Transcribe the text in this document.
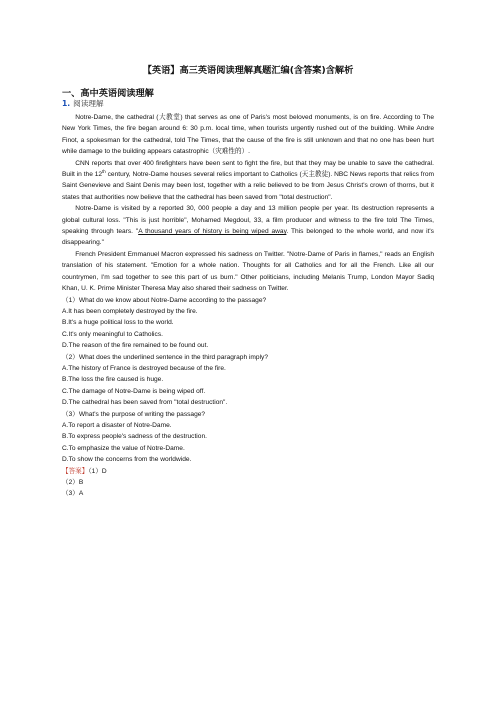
【英语】高三英语阅读理解真题汇编(含答案)含解析
一、高中英语阅读理解
1. 阅读理解

Notre-Dame, the cathedral (大教堂) that serves as one of Paris's most beloved monuments, is on fire. According to The New York Times, the fire began around 6: 30 p.m. local time, when tourists urgently rushed out of the building. While Andre Finot, a spokesman for the cathedral, told The Times, that the cause of the fire is still unknown and that no one has been hurt while damage to the building appears catastrophic（灾难性的）.

CNN reports that over 400 firefighters have been sent to fight the fire, but that they may be unable to save the cathedral. Built in the 12th century, Notre-Dame houses several relics important to Catholics (天主教徒). NBC News reports that relics from Saint Genevieve and Saint Denis may been lost, together with a relic believed to be from Jesus Christ's crown of thorns, but it states that authorities now believe that the cathedral has been saved from "total destruction".

Notre-Dame is visited by a reported 30, 000 people a day and 13 million people per year. Its destruction represents a global cultural loss. "This is just horrible", Mohamed Megdoul, 33, a film producer and witness to the fire told The Times, speaking through tears. "A thousand years of history is being wiped away. This belonged to the whole world, and now it's disappearing."

French President Emmanuel Macron expressed his sadness on Twitter. "Notre-Dame of Paris in flames," reads an English translation of his statement. "Emotion for a whole nation. Thoughts for all Catholics and for all the French. Like all our countrymen, I'm sad together to see this part of us burn." Other politicians, including Melanis Trump, London Mayor Sadiq Khan, U. K. Prime Minister Theresa May also shared their sadness on Twitter.

（1）What do we know about Notre-Dame according to the passage?
A.It has been completely destroyed by the fire.
B.It's a huge political loss to the world.
C.It's only meaningful to Catholics.
D.The reason of the fire remained to be found out.
（2）What does the underlined sentence in the third paragraph imply?
A.The history of France is destroyed because of the fire.
B.The loss the fire caused is huge.
C.The damage of Notre-Dame is being wiped off.
D.The cathedral has been saved from "total destruction".
（3）What's the purpose of writing the passage?
A.To report a disaster of Notre-Dame.
B.To express people's sadness of the destruction.
C.To emphasize the value of Notre-Dame.
D.To show the concerns from the worldwide.
【答案】（1）D
（2）B
（3）A
